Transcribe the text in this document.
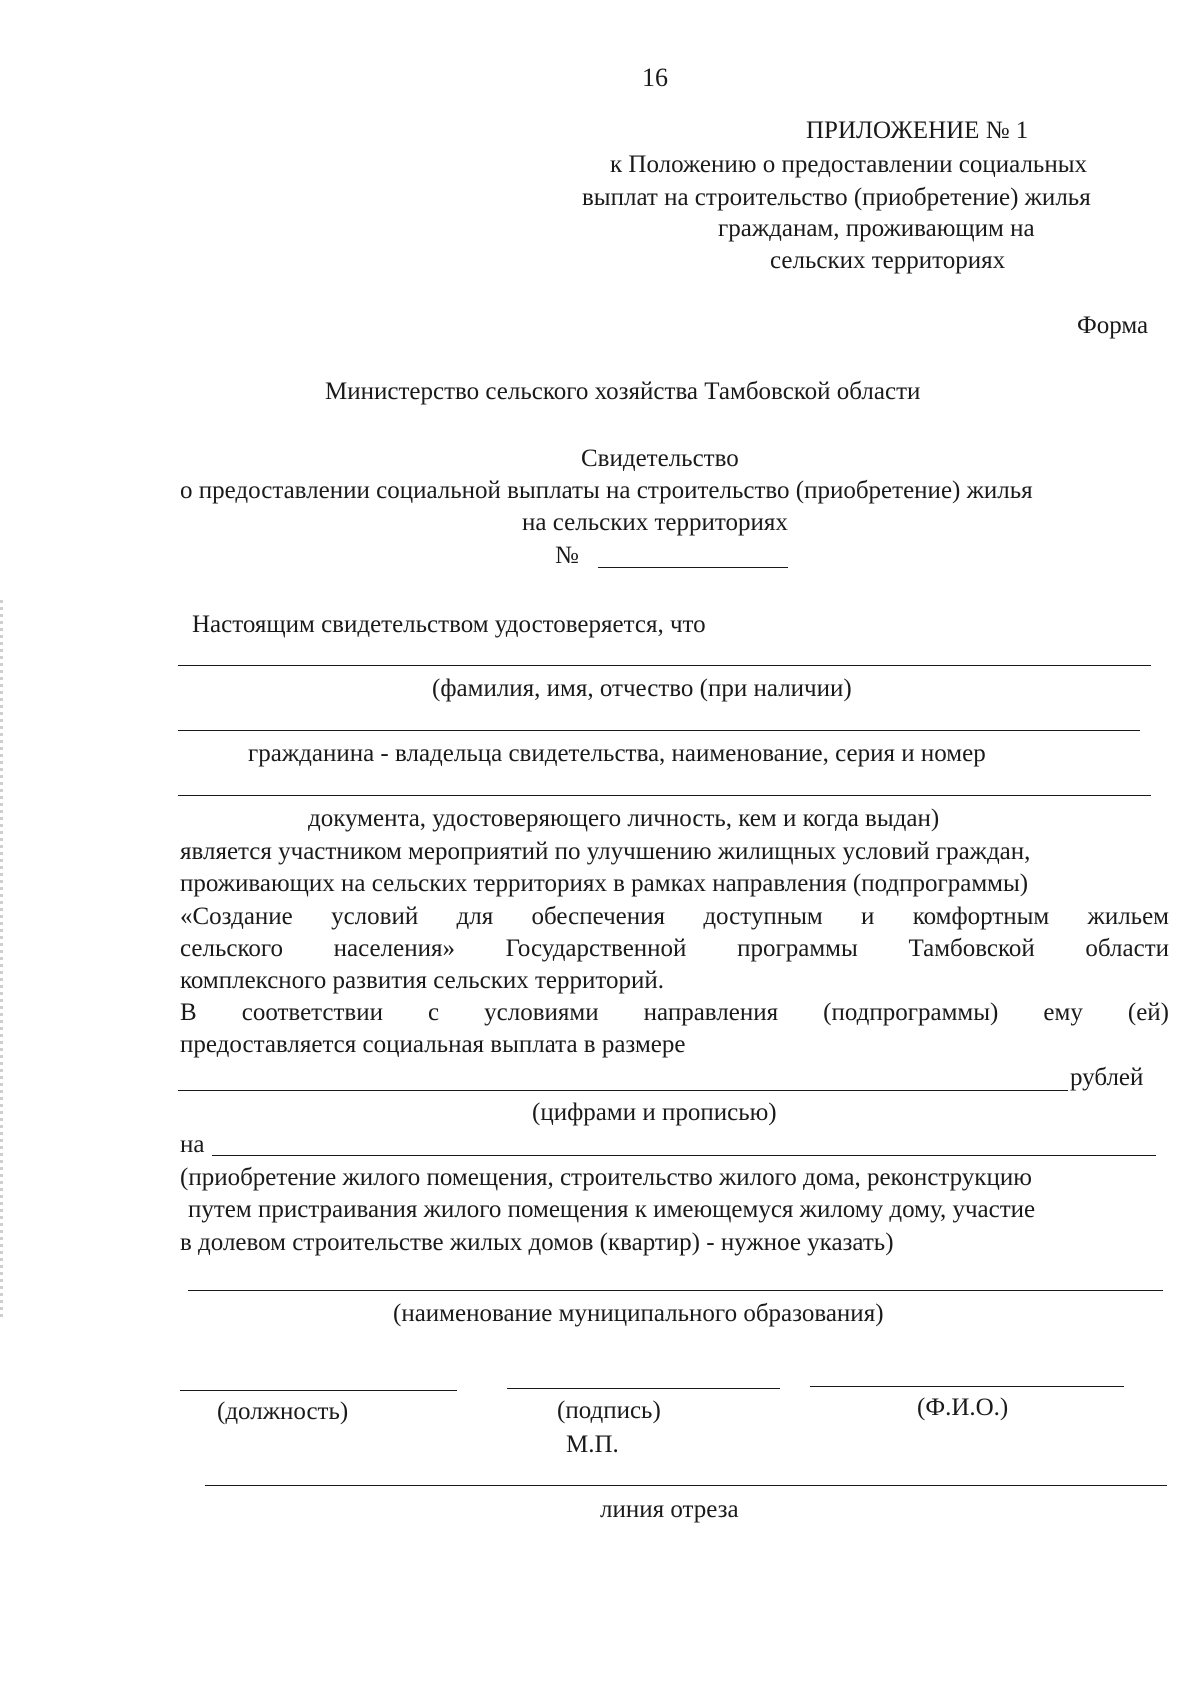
16
ПРИЛОЖЕНИЕ № 1
к Положению о предоставлении социальных
выплат на строительство (приобретение) жилья
гражданам, проживающим на
сельских территориях
Форма
Министерство сельского хозяйства Тамбовской области
Свидетельство
о предоставлении социальной выплаты на строительство (приобретение) жилья
на сельских территориях
№
Настоящим свидетельством удостоверяется, что
(фамилия, имя, отчество (при наличии)
гражданина - владельца свидетельства, наименование, серия и номер
документа, удостоверяющего личность, кем и когда выдан)
является участником мероприятий по улучшению жилищных условий граждан,
проживающих на сельских территориях в рамках направления (подпрограммы)
«Создание условий для обеспечения доступным и комфортным жильем
сельского населения» Государственной программы Тамбовской области
комплексного развития сельских территорий.
В соответствии с условиями направления (подпрограммы) ему (ей)
предоставляется социальная выплата в размере
рублей
(цифрами и прописью)
на
(приобретение жилого помещения, строительство жилого дома, реконструкцию
путем пристраивания жилого помещения к имеющемуся жилому дому, участие
в долевом строительстве жилых домов (квартир) - нужное указать)
(наименование муниципального образования)
(должность)	(подпись)	(Ф.И.О.)
М.П.
линия отреза
